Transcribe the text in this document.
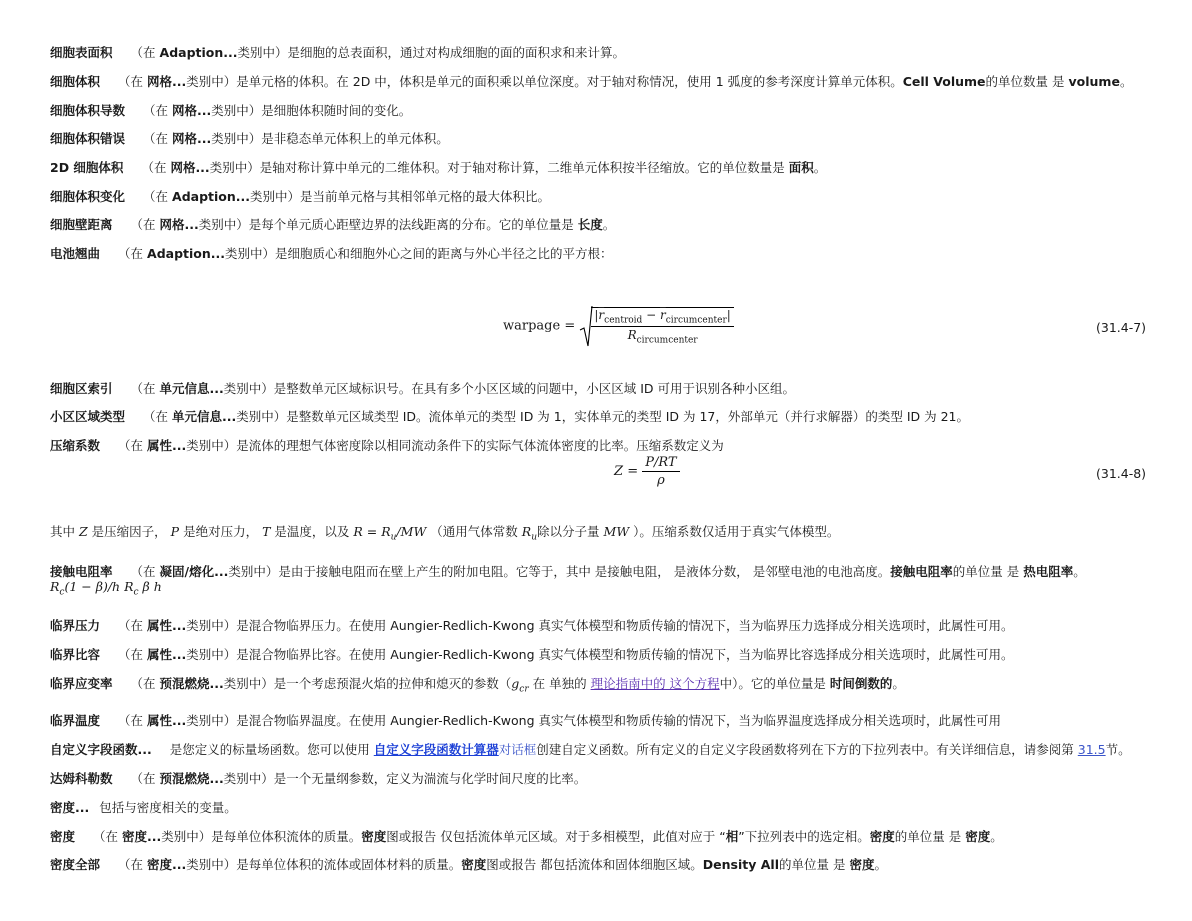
细胞表面积 （在 Adaption...类别中）是细胞的总表面积，通过对构成细胞的面的面积求和来计算。
细胞体积 （在 网格...类别中）是单元格的体积。在 2D 中，体积是单元的面积乘以单位深度。对于轴对称情况，使用 1 弧度的参考深度计算单元体积。Cell Volume的单位数量 是 volume。
细胞体积导数 （在 网格...类别中）是细胞体积随时间的变化。
细胞体积错误 （在 网格...类别中）是非稳态单元体积上的单元体积。
2D 细胞体积 （在 网格...类别中）是轴对称计算中单元的二维体积。对于轴对称计算，二维单元体积按半径缩放。它的单位数量是 面积。
细胞体积变化 （在 Adaption...类别中）是当前单元格与其相邻单元格的最大体积比。
细胞壁距离 （在 网格...类别中）是每个单元质心距壁边界的法线距离的分布。它的单位量是 长度。
电池翘曲 （在 Adaption...类别中）是细胞质心和细胞外心之间的距离与外心半径之比的平方根：
warpage = $\frac{|\overline{r}_{centroid} - \overline{r}_{circumcenter}|}{R_{circumcenter}}$	(31.4-7)
细胞区索引 （在 单元信息...类别中）是整数单元区域标识号。在具有多个小区区域的问题中，小区区域 ID 可用于识别各种小区组。
小区区域类型 （在 单元信息...类别中）是整数单元区域类型 ID。流体单元的类型 ID 为 1，实体单元的类型 ID 为 17，外部单元（并行求解器）的类型 ID 为 21。
压缩系数 （在 属性...类别中）是流体的理想气体密度除以相同流动条件下的实际气体流体密度的比率。压缩系数定义为
$Z = \frac{P/RT}{\rho}$	(31.4-8)
其中 Z 是压缩因子， P 是绝对压力， T 是温度，以及 $R = R_u/MW$ （通用气体常数 $R_u$除以分子量 MW ）。压缩系数仅适用于真实气体模型。
接触电阻率 （在 凝固/熔化...类别中）是由于接触电阻而在壁上产生的附加电阻。它等于，其中 是接触电阻， 是液体分数， 是邻壁电池的电池高度。接触电阻率的单位量 是 热电阻率。
$R_c(1 - \beta)/h$ $R_c$ β h
临界压力 （在 属性...类别中）是混合物临界压力。在使用 Aungier-Redlich-Kwong 真实气体模型和物质传输的情况下，当为临界压力选择成分相关选项时，此属性可用。
临界比容 （在 属性...类别中）是混合物临界比容。在使用 Aungier-Redlich-Kwong 真实气体模型和物质传输的情况下，当为临界比容选择成分相关选项时，此属性可用。
临界应变率 （在 预混燃烧...类别中）是一个考虑预混火焰的拉伸和熄灭的参数（$g_{cr}$ 在 单独的 理论指南中的 这个方程中）。它的单位量是 时间倒数的。
临界温度 （在 属性...类别中）是混合物临界温度。在使用 Aungier-Redlich-Kwong 真实气体模型和物质传输的情况下，当为临界温度选择成分相关选项时，此属性可用
自定义字段函数... 是您定义的标量场函数。您可以使用 自定义字段函数计算器对话框创建自定义函数。所有定义的自定义字段函数将列在下方的下拉列表中。有关详细信息，请参阅第 31.5节。
达姆科勒数 （在 预混燃烧...类别中）是一个无量纲参数，定义为湍流与化学时间尺度的比率。
密度... 包括与密度相关的变量。
密度 （在 密度...类别中）是每单位体积流体的质量。密度图或报告 仅包括流体单元区域。对于多相模型，此值对应于 “相”下拉列表中的选定相。密度的单位量 是 密度。
密度全部 （在 密度...类别中）是每单位体积的流体或固体材料的质量。密度图或报告 都包括流体和固体细胞区域。Density All的单位量 是 密度。
